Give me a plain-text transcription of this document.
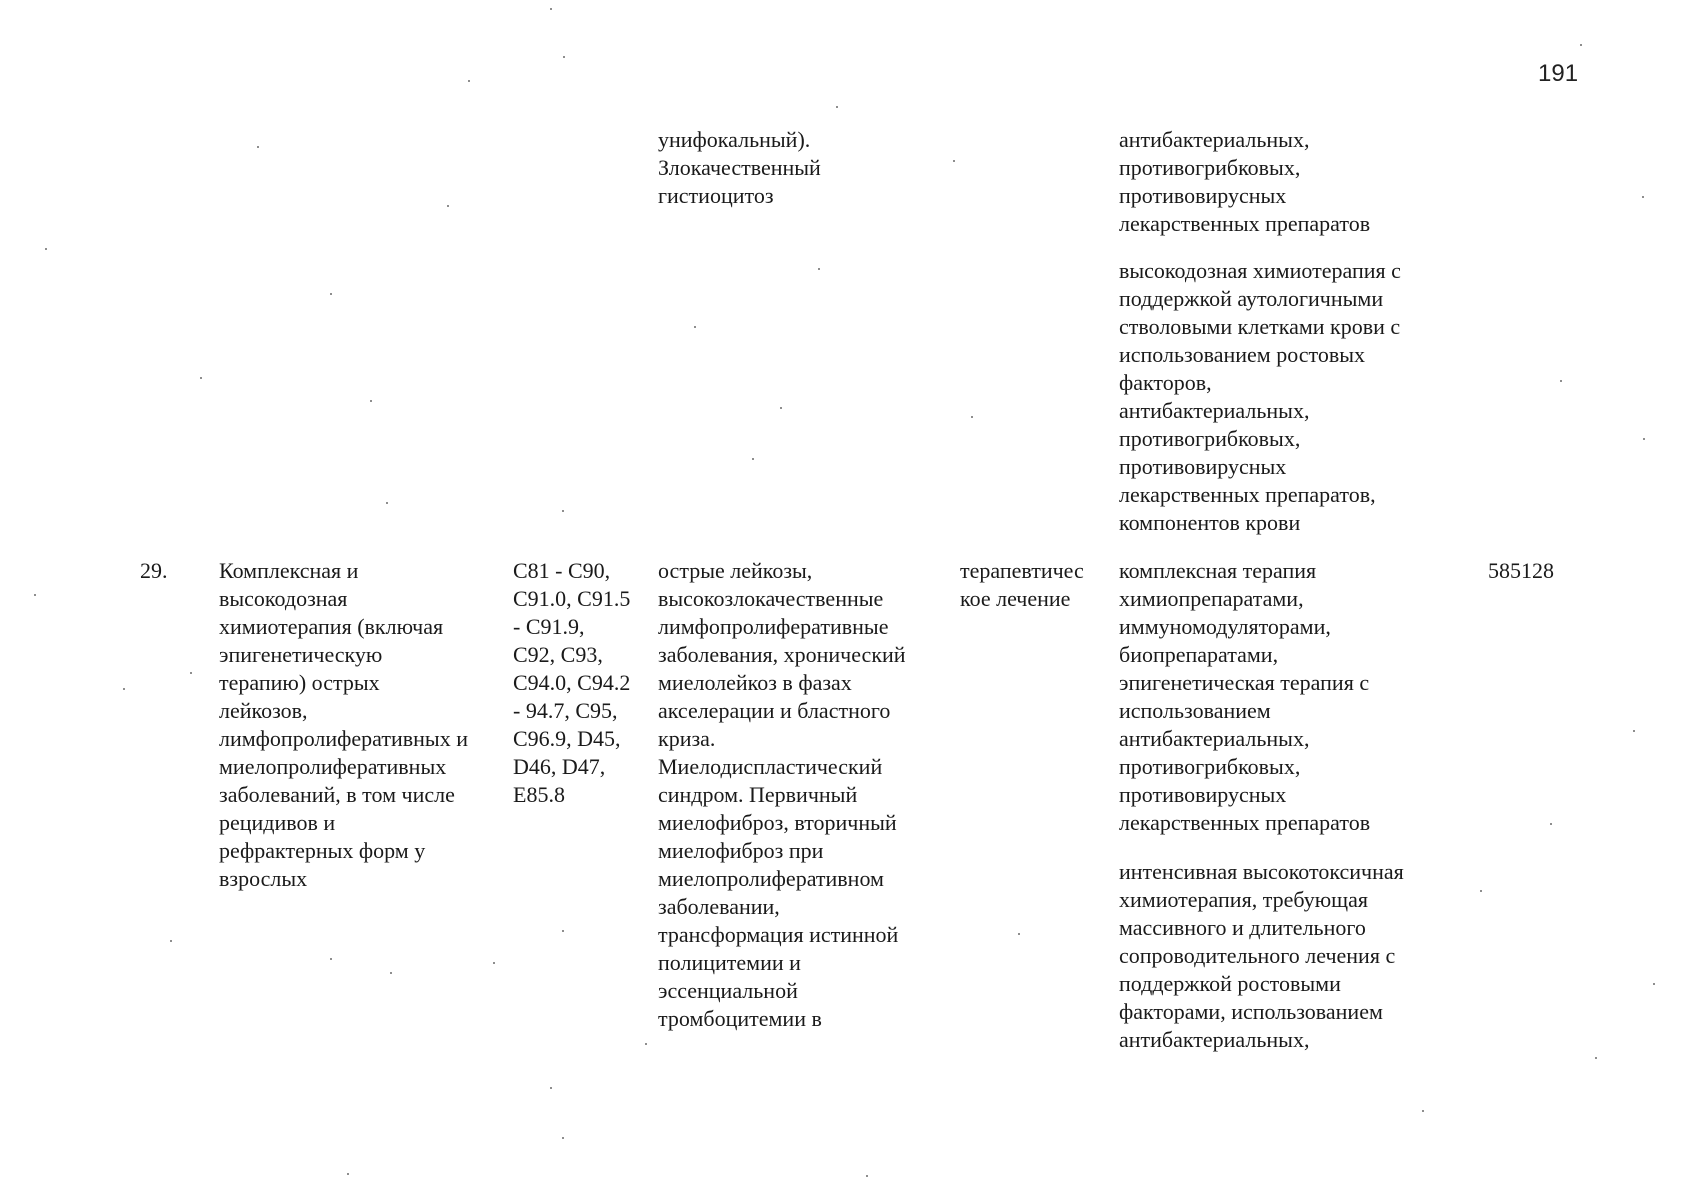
191
унифокальный).
Злокачественный
гистиоцитоз
антибактериальных,
противогрибковых,
противовирусных
лекарственных препаратов
высокодозная химиотерапия с
поддержкой аутологичными
стволовыми клетками крови с
использованием ростовых
факторов,
антибактериальных,
противогрибковых,
противовирусных
лекарственных препаратов,
компонентов крови
29. Комплексная и
высокодозная
химиотерапия (включая
эпигенетическую
терапию) острых
лейкозов,
лимфопролиферативных и
миелопролиферативных
заболеваний, в том числе
рецидивов и
рефрактерных форм у
взрослых
C81 - C90,
C91.0, C91.5
- C91.9,
C92, C93,
C94.0, C94.2
- 94.7, C95,
C96.9, D45,
D46, D47,
E85.8
острые лейкозы,
высокозлокачественные
лимфопролиферативные
заболевания, хронический
миелолейкоз в фазах
акселерации и бластного
криза.
Миелодиспластический
синдром. Первичный
миелофиброз, вторичный
миелофиброз при
миелопролиферативном
заболевании,
трансформация истинной
полицитемии и
эссенциальной
тромбоцитемии в
терапевтичес
кое лечение
комплексная терапия
химиопрепаратами,
иммуномодуляторами,
биопрепаратами,
эпигенетическая терапия с
использованием
антибактериальных,
противогрибковых,
противовирусных
лекарственных препаратов
интенсивная высокотоксичная
химиотерапия, требующая
массивного и длительного
сопроводительного лечения с
поддержкой ростовыми
факторами, использованием
антибактериальных,
585128
